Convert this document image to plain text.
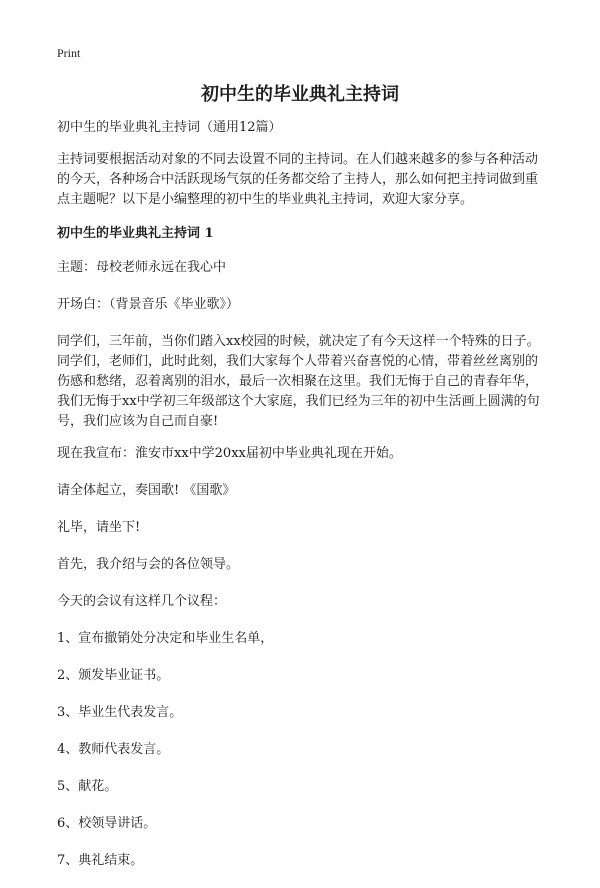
Print
初中生的毕业典礼主持词

初中生的毕业典礼主持词（通用12篇）

主持词要根据活动对象的不同去设置不同的主持词。在人们越来越多的参与各种活动的今天，各种场合中活跃现场气氛的任务都交给了主持人，那么如何把主持词做到重点主题呢？以下是小编整理的初中生的毕业典礼主持词，欢迎大家分享。

初中生的毕业典礼主持词 1

主题：母校老师永远在我心中

开场白：（背景音乐《毕业歌》）

同学们，三年前，当你们踏入xx校园的时候，就决定了有今天这样一个特殊的日子。同学们，老师们，此时此刻，我们大家每个人带着兴奋喜悦的心情，带着丝丝离别的伤感和愁绪，忍着离别的泪水，最后一次相聚在这里。我们无悔于自己的青春年华，我们无悔于xx中学初三年级部这个大家庭，我们已经为三年的初中生活画上圆满的句号，我们应该为自己而自豪!

现在我宣布：淮安市xx中学20xx届初中毕业典礼现在开始。

请全体起立，奏国歌! 《国歌》

礼毕，请坐下!

首先，我介绍与会的各位领导。

今天的会议有这样几个议程：

1、宣布撤销处分决定和毕业生名单，

2、颁发毕业证书。

3、毕业生代表发言。

4、教师代表发言。

5、献花。

6、校领导讲话。

7、典礼结束。
